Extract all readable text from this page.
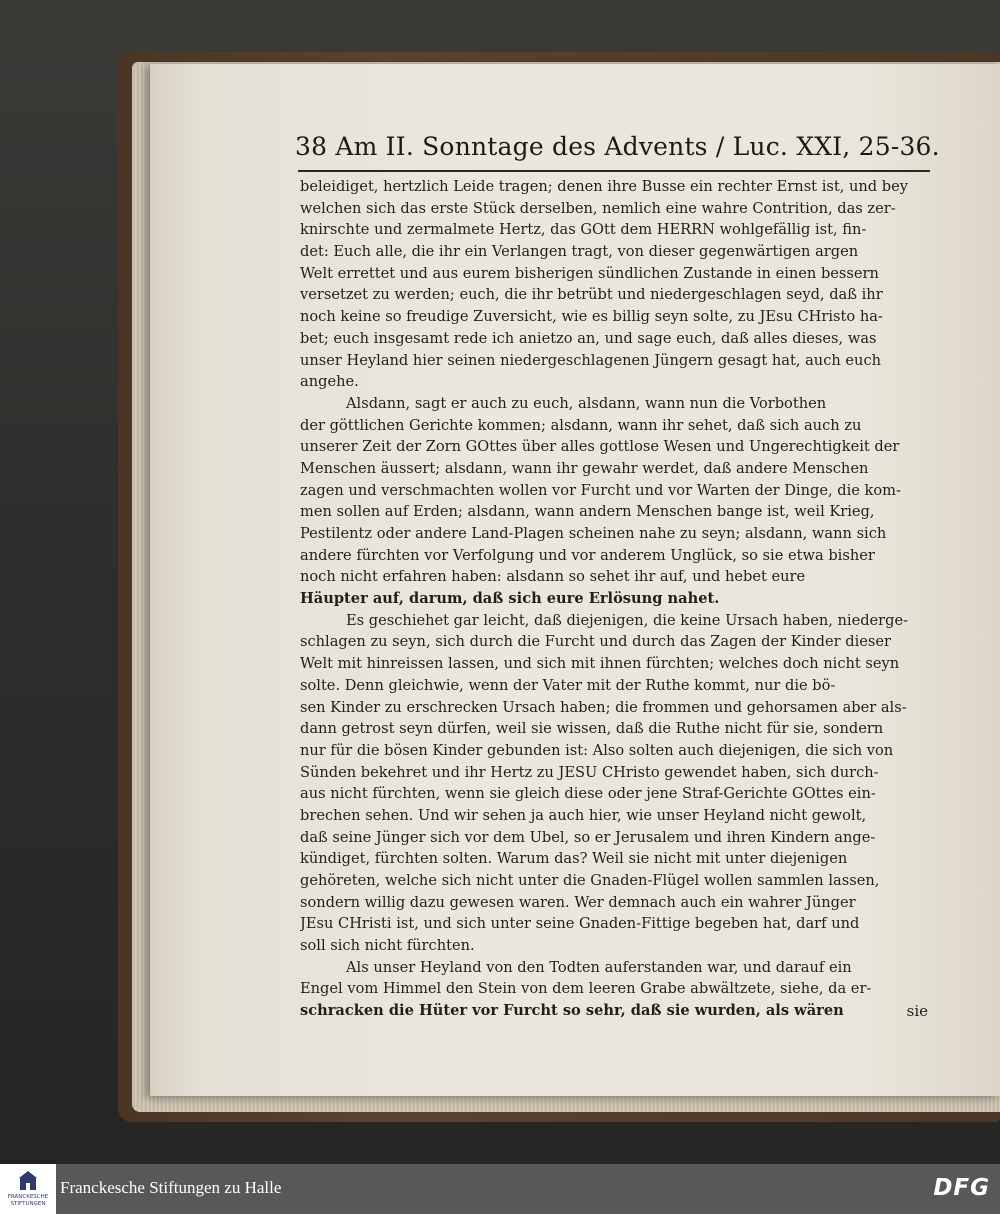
38 Am II. Sonntage des Advents / Luc. XXI, 25-36.
beleidiget, hertzlich Leide tragen; denen ihre Busse ein rechter Ernst ist, und bey
welchen sich das erste Stück derselben, nemlich eine wahre Contrition, das zer-
knirschte und zermalmete Hertz, das GOtt dem HERRN wohlgefällig ist, fin-
det: Euch alle, die ihr ein Verlangen tragt, von dieser gegenwärtigen argen
Welt errettet und aus eurem bisherigen sündlichen Zustande in einen bessern
versetzet zu werden; euch, die ihr betrübt und niedergeschlagen seyd, daß ihr
noch keine so freudige Zuversicht, wie es billig seyn solte, zu JEsu CHristo ha-
bet; euch insgesamt rede ich anietzo an, und sage euch, daß alles dieses, was
unser Heyland hier seinen niedergeschlagenen Jüngern gesagt hat, auch euch
angehe.
Alsdann, sagt er auch zu euch, alsdann, wann nun die Vorbothen
der göttlichen Gerichte kommen; alsdann, wann ihr sehet, daß sich auch zu
unserer Zeit der Zorn GOttes über alles gottlose Wesen und Ungerechtigkeit der
Menschen äussert; alsdann, wann ihr gewahr werdet, daß andere Menschen
zagen und verschmachten wollen vor Furcht und vor Warten der Dinge, die kom-
men sollen auf Erden; alsdann, wann andern Menschen bange ist, weil Krieg,
Pestilentz oder andere Land-Plagen scheinen nahe zu seyn; alsdann, wann sich
andere fürchten vor Verfolgung und vor anderem Unglück, so sie etwa bisher
noch nicht erfahren haben: alsdann so sehet ihr auf, und hebet eure
Häupter auf, darum, daß sich eure Erlösung nahet.
Es geschiehet gar leicht, daß diejenigen, die keine Ursach haben, niederge-
schlagen zu seyn, sich durch die Furcht und durch das Zagen der Kinder dieser
Welt mit hinreissen lassen, und sich mit ihnen fürchten; welches doch nicht seyn
solte. Denn gleichwie, wenn der Vater mit der Ruthe kommt, nur die bö-
sen Kinder zu erschrecken Ursach haben; die frommen und gehorsamen aber als-
dann getrost seyn dürfen, weil sie wissen, daß die Ruthe nicht für sie, sondern
nur für die bösen Kinder gebunden ist: Also solten auch diejenigen, die sich von
Sünden bekehret und ihr Hertz zu JESU CHristo gewendet haben, sich durch-
aus nicht fürchten, wenn sie gleich diese oder jene Straf-Gerichte GOttes ein-
brechen sehen. Und wir sehen ja auch hier, wie unser Heyland nicht gewolt,
daß seine Jünger sich vor dem Ubel, so er Jerusalem und ihren Kindern ange-
kündiget, fürchten solten. Warum das? Weil sie nicht mit unter diejenigen
gehöreten, welche sich nicht unter die Gnaden-Flügel wollen sammlen lassen,
sondern willig dazu gewesen waren. Wer demnach auch ein wahrer Jünger
JEsu CHristi ist, und sich unter seine Gnaden-Fittige begeben hat, darf und
soll sich nicht fürchten.
Als unser Heyland von den Todten auferstanden war, und darauf ein
Engel vom Himmel den Stein von dem leeren Grabe abwältzete, siehe, da er-
schracken die Hüter vor Furcht so sehr, daß sie wurden, als wären	sie
FRANCKESCHE
STIFTUNGEN
Franckesche Stiftungen zu Halle	DFG
